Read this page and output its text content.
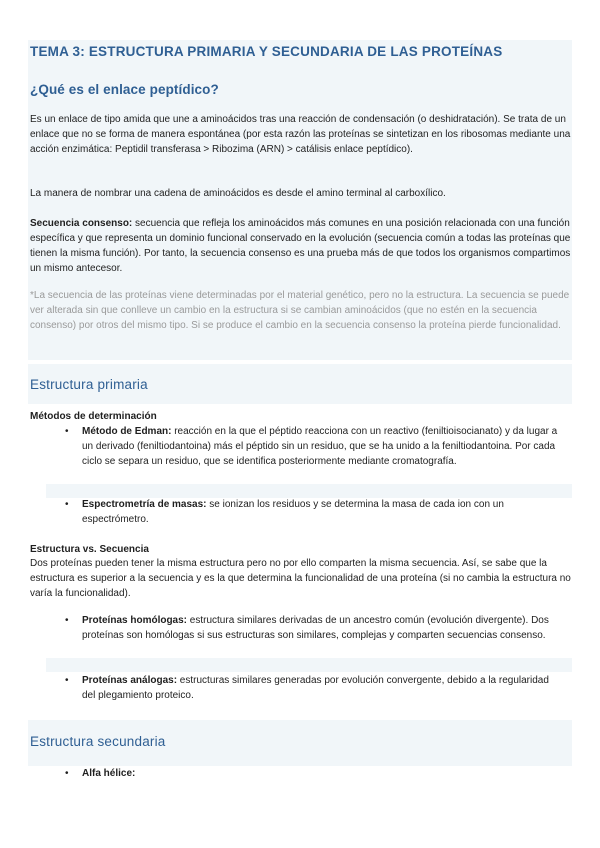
TEMA 3: ESTRUCTURA PRIMARIA Y SECUNDARIA DE LAS PROTEÍNAS
¿Qué es el enlace peptídico?
Es un enlace de tipo amida que une a aminoácidos tras una reacción de condensación (o deshidratación). Se trata de un enlace que no se forma de manera espontánea (por esta razón las proteínas se sintetizan en los ribosomas mediante una acción enzimática: Peptidil transferasa > Ribozima (ARN) > catálisis enlace peptídico).
La manera de nombrar una cadena de aminoácidos es desde el amino terminal al carboxílico.
Secuencia consenso: secuencia que refleja los aminoácidos más comunes en una posición relacionada con una función específica y que representa un dominio funcional conservado en la evolución (secuencia común a todas las proteínas que tienen la misma función). Por tanto, la secuencia consenso es una prueba más de que todos los organismos compartimos un mismo antecesor.
*La secuencia de las proteínas viene determinadas por el material genético, pero no la estructura. La secuencia se puede ver alterada sin que conlleve un cambio en la estructura si se cambian aminoácidos (que no estén en la secuencia consenso) por otros del mismo tipo. Si se produce el cambio en la secuencia consenso la proteína pierde funcionalidad.
Estructura primaria
Métodos de determinación
• Método de Edman: reacción en la que el péptido reacciona con un reactivo (feniltioisocianato) y da lugar a un derivado (feniltiodantoina) más el péptido sin un residuo, que se ha unido a la feniltiodantoina. Por cada ciclo se separa un residuo, que se identifica posteriormente mediante cromatografía.
• Espectrometría de masas: se ionizan los residuos y se determina la masa de cada ion con un espectrómetro.
Estructura vs. Secuencia
Dos proteínas pueden tener la misma estructura pero no por ello comparten la misma secuencia. Así, se sabe que la estructura es superior a la secuencia y es la que determina la funcionalidad de una proteína (si no cambia la estructura no varía la funcionalidad).
• Proteínas homólogas: estructura similares derivadas de un ancestro común (evolución divergente). Dos proteínas son homólogas si sus estructuras son similares, complejas y comparten secuencias consenso.
• Proteínas análogas: estructuras similares generadas por evolución convergente, debido a la regularidad del plegamiento proteico.
Estructura secundaria
• Alfa hélice:
